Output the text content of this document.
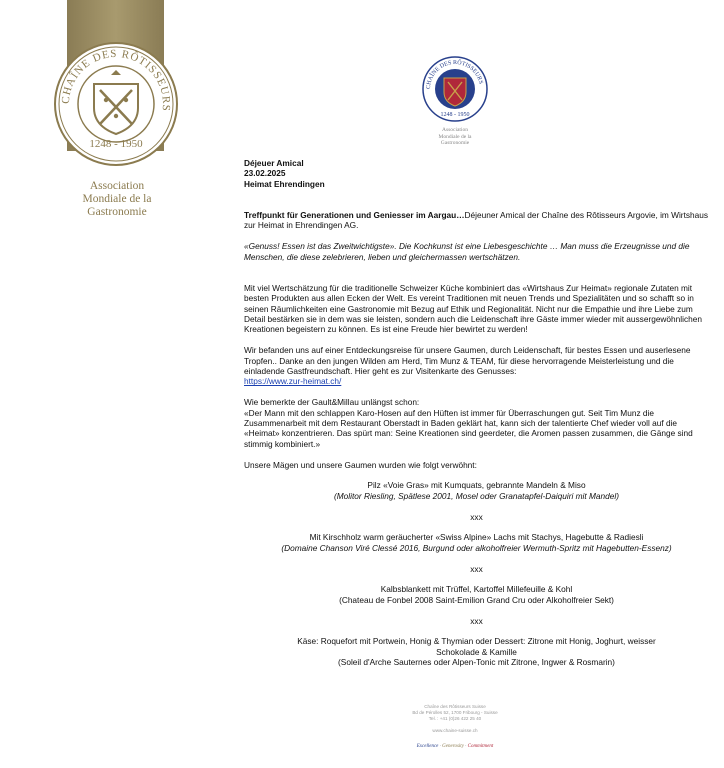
CHAÎNE DES RÔTISSEURS
1248 - 1950
Association
Mondiale de la
Gastronomie
CHAÎNE DES RÔTISSEURS
1248 - 1950
Association
Mondiale de la
Gastronomie

Déjeuer Amical
23.02.2025
Heimat Ehrendingen

Treffpunkt für Generationen und Geniesser im Aargau…Déjeuner Amical der Chaîne des Rôtisseurs Argovie, im Wirtshaus zur Heimat in Ehrendingen AG.

«Genuss! Essen ist das Zweitwichtigste». Die Kochkunst ist eine Liebesgeschichte … Man muss die Erzeugnisse und die Menschen, die diese zelebrieren, lieben und gleichermassen wertschätzen.

Mit viel Wertschätzung für die traditionelle Schweizer Küche kombiniert das «Wirtshaus Zur Heimat» regionale Zutaten mit besten Produkten aus allen Ecken der Welt. Es vereint Traditionen mit neuen Trends und Spezialitäten und so schafft so in seinen Räumlichkeiten eine Gastronomie mit Bezug auf Ethik und Regionalität. Nicht nur die Empathie und ihre Liebe zum Detail bestärken sie in dem was sie leisten, sondern auch die Leidenschaft ihre Gäste immer wieder mit aussergewöhnlichen Kreationen begeistern zu können. Es ist eine Freude hier bewirtet zu werden!

Wir befanden uns auf einer Entdeckungsreise für unsere Gaumen, durch Leidenschaft, für bestes Essen und auserlesene Tropfen.. Danke an den jungen Wilden am Herd, Tim Munz & TEAM, für diese hervorragende Meisterleistung und die einladende Gastfreundschaft. Hier geht es zur Visitenkarte des Genusses:
https://www.zur-heimat.ch/

Wie bemerkte der Gault&Millau unlängst schon:
«Der Mann mit den schlappen Karo-Hosen auf den Hüften ist immer für Überraschungen gut. Seit Tim Munz die Zusammenarbeit mit dem Restaurant Oberstadt in Baden geklärt hat, kann sich der talentierte Chef wieder voll auf die «Heimat» konzentrieren. Das spürt man: Seine Kreationen sind geerdeter, die Aromen passen zusammen, die Gänge sind stimmig kombiniert.»

Unsere Mägen und unsere Gaumen wurden wie folgt verwöhnt:

Pilz «Voie Gras» mit Kumquats, gebrannte Mandeln & Miso
(Molitor Riesling, Spätlese 2001, Mosel oder Granatapfel-Daiquiri mit Mandel)
xxx
Mit Kirschholz warm geräucherter «Swiss Alpine» Lachs mit Stachys, Hagebutte & Radiesli
(Domaine Chanson Viré Clessé 2016, Burgund oder alkoholfreier Wermuth-Spritz mit Hagebutten-Essenz)
xxx
Kalbsblankett mit Trüffel, Kartoffel Millefeuille & Kohl
(Chateau de Fonbel 2008 Saint-Emilion Grand Cru oder Alkoholfreier Sekt)
xxx
Käse: Roquefort mit Portwein, Honig & Thymian oder Dessert: Zitrone mit Honig, Joghurt, weisser
Schokolade & Kamille
(Soleil d'Arche Sauternes oder Alpen-Tonic mit Zitrone, Ingwer & Rosmarin)
Chaîne des Rôtisseurs Suisse
Bd de Pérolles 52, 1700 Fribourg - Suisse
Tel. : +41 (0)26 422 25 40
www.chaine-suisse.ch
Excellence · Generosity · Commitment
